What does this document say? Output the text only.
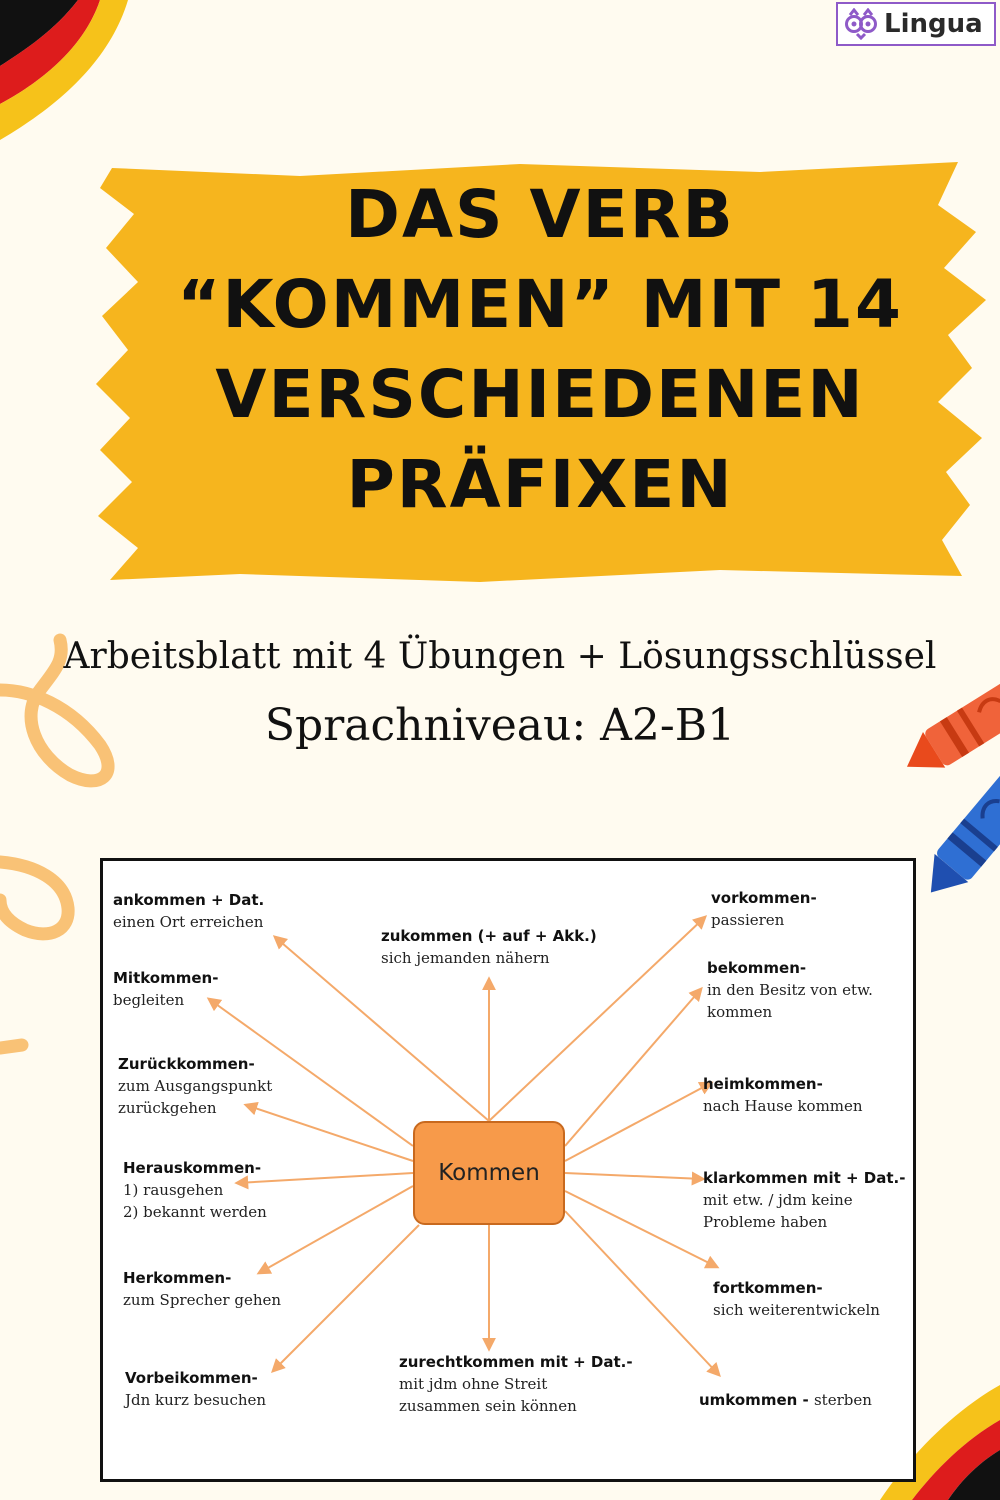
Lingua
DAS VERB
“KOMMEN” MIT 14
VERSCHIEDENEN
PRÄFIXEN
Arbeitsblatt mit 4 Übungen + Lösungsschlüssel
Sprachniveau: A2-B1
Kommen
ankommen + Dat.
einen Ort erreichen
Mitkommen-
begleiten
Zurückkommen-
zum Ausgangspunkt
zurückgehen
Herauskommen-
1) rausgehen
2) bekannt werden
Herkommen-
zum Sprecher gehen
Vorbeikommen-
Jdn kurz besuchen
zukommen (+ auf + Akk.)
sich jemanden nähern
zurechtkommen mit + Dat.-
mit jdm ohne Streit
zusammen sein können
vorkommen-
passieren
bekommen-
in den Besitz von etw.
kommen
heimkommen-
nach Hause kommen
klarkommen mit + Dat.-
mit etw. / jdm keine
Probleme haben
fortkommen-
sich weiterentwickeln
umkommen - sterben
